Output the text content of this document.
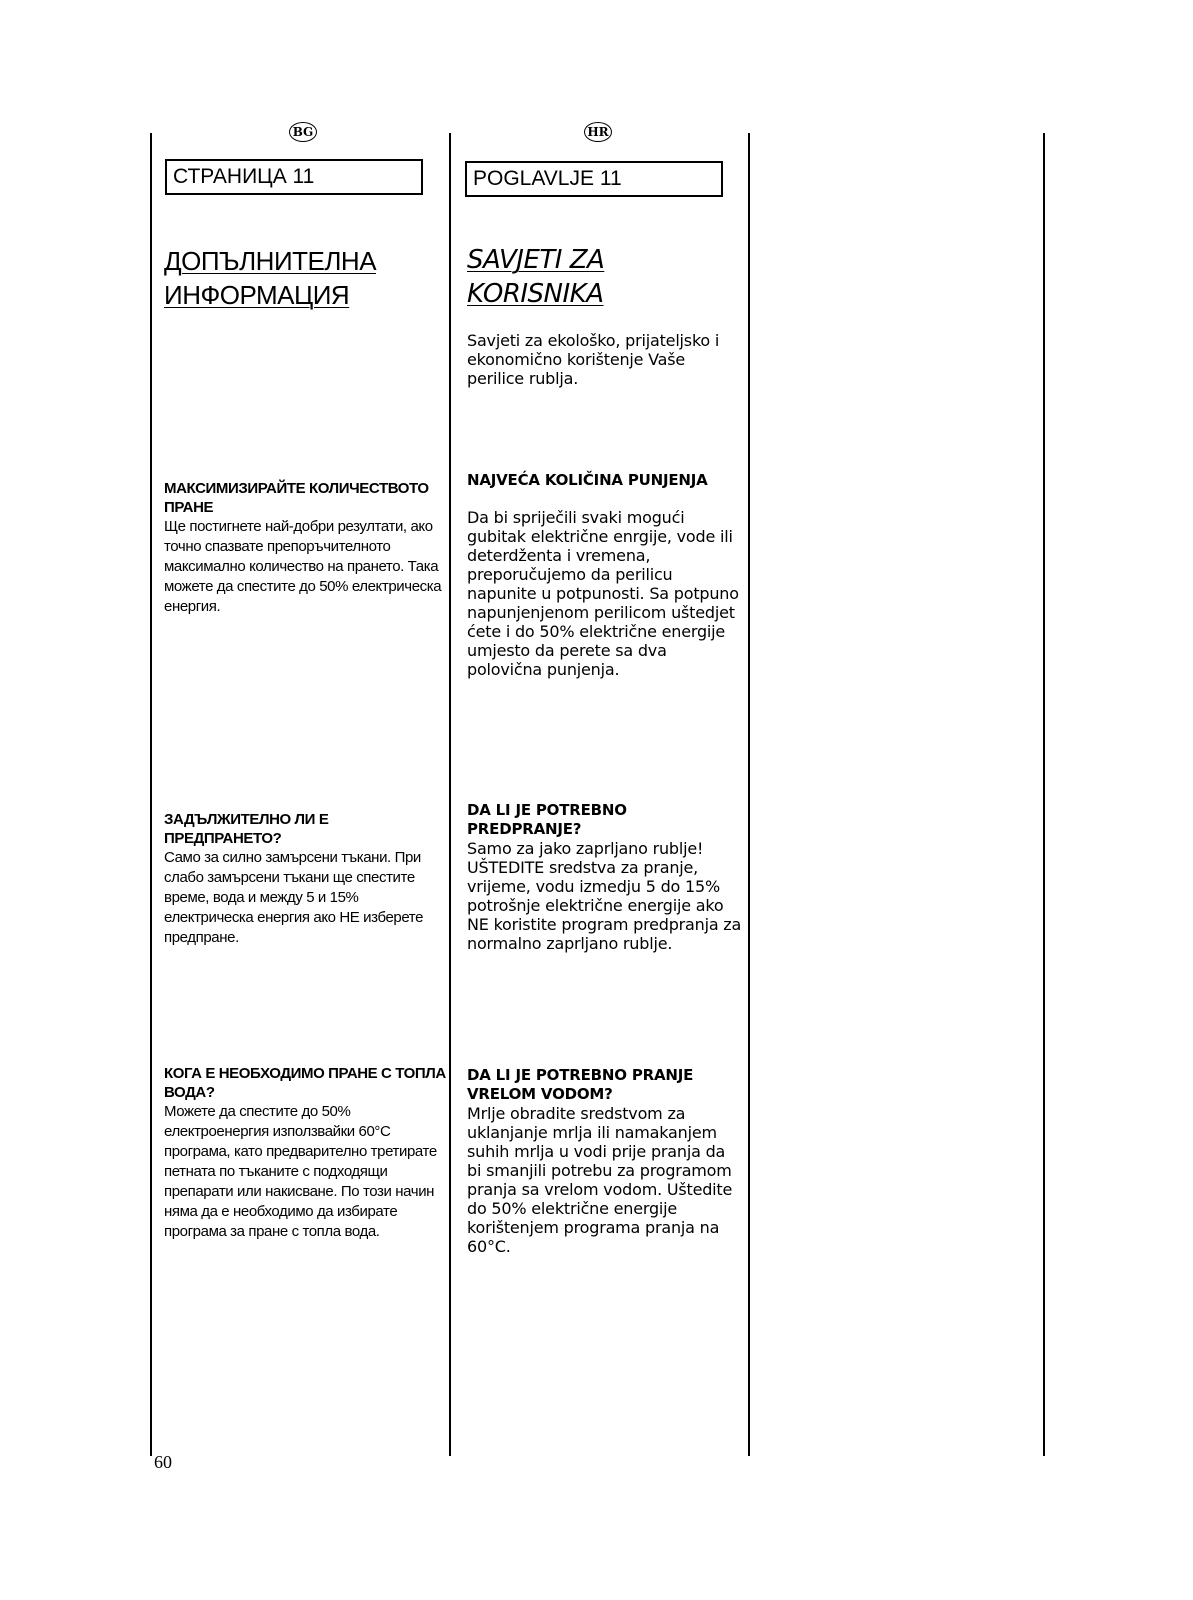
BG	HR
СТРАНИЦА 11	POGLAVLJE 11
ДОПЪЛНИТЕЛНА
ИНФОРМАЦИЯ
МАКСИМИЗИРАЙТЕ КОЛИЧЕСТВОТО ПРАНЕ
Ще постигнете най-добри резултати, ако точно спазвате препоръчителното максимално количество на прането. Така можете да спестите до 50% електрическа енергия.
ЗАДЪЛЖИТЕЛНО ЛИ Е ПРЕДПРАНЕТО?
Само за силно замърсени тъкани. При слабо замърсени тъкани ще спестите време, вода и между 5 и 15% електрическа енергия ако НЕ изберете предпране.
КОГА Е НЕОБХОДИМО ПРАНЕ С ТОПЛА ВОДА?
Можете да спестите до 50% електроенергия използвайки 60°C програма, като предварително третирате петната по тъканите с подходящи препарати или накисване. По този начин няма да е необходимо да избирате програма за пране с топла вода.
SAVJETI ZA
KORISNIKA
Savjeti za ekološko, prijateljsko i ekonomično korištenje Vaše perilice rublja.
NAJVEĆA KOLIČINA PUNJENJA
Da bi spriječili svaki mogući gubitak električne enrgije, vode ili deterdženta i vremena, preporučujemo da perilicu napunite u potpunosti. Sa potpuno napunjenjenom perilicom uštedjet ćete i do 50% električne energije umjesto da perete sa dva polovična punjenja.
DA LI JE POTREBNO PREDPRANJE?
Samo za jako zaprljano rublje! UŠTEDITE sredstva za pranje, vrijeme, vodu izmedju 5 do 15% potrošnje električne energije ako NE koristite program predpranja za normalno zaprljano rublje.
DA LI JE POTREBNO PRANJE VRELOM VODOM?
Mrlje obradite sredstvom za uklanjanje mrlja ili namakanjem suhih mrlja u vodi prije pranja da bi smanjili potrebu za programom pranja sa vrelom vodom. Uštedite do 50% električne energije korištenjem programa pranja na 60°C.
60
